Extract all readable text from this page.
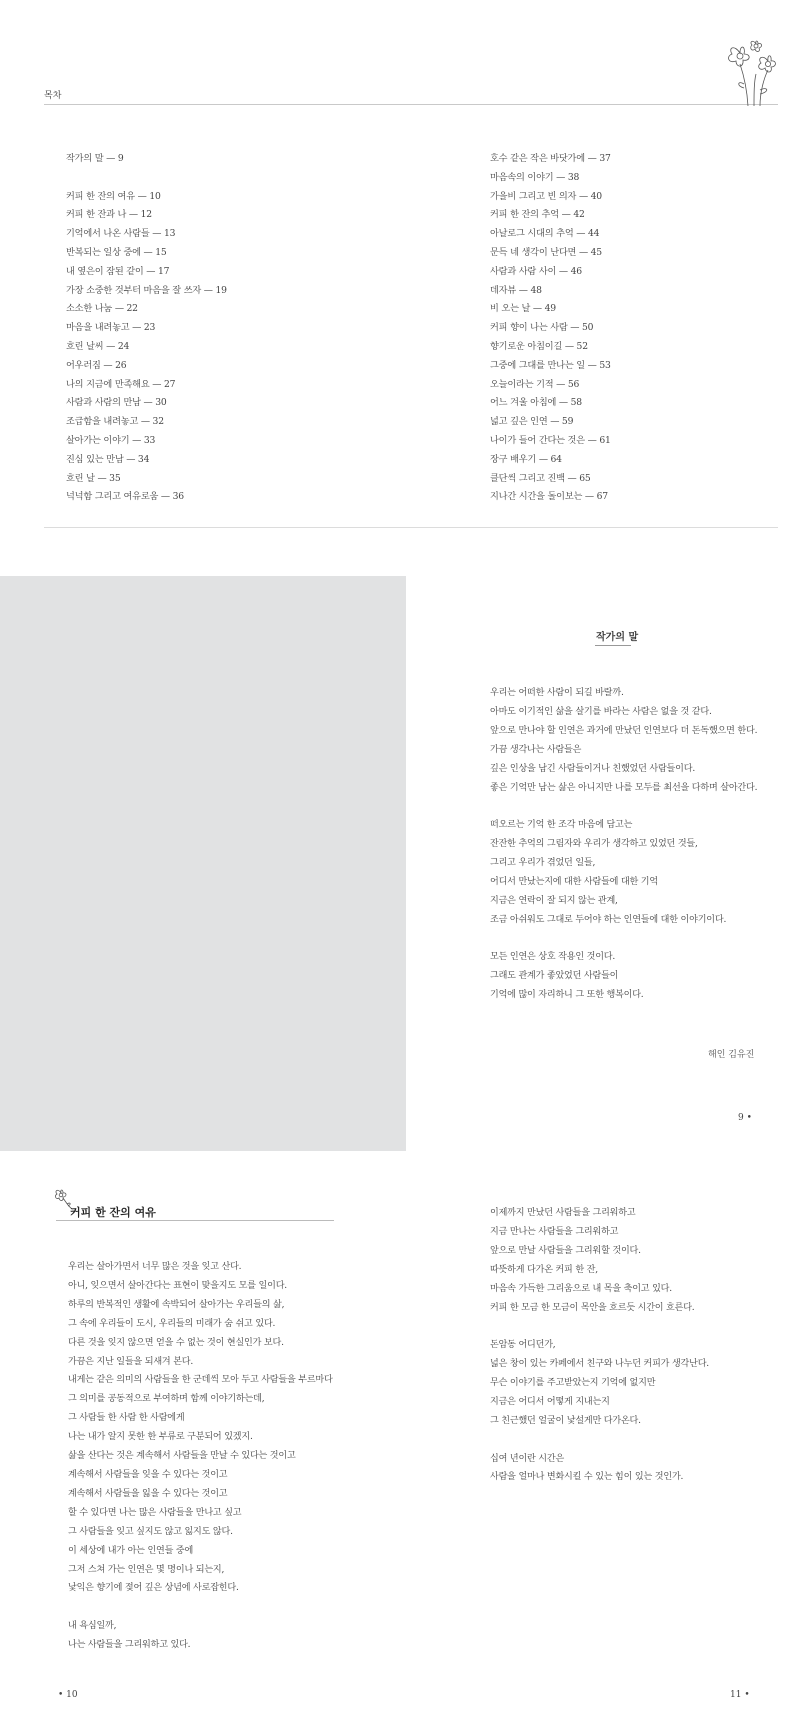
목차
작가의 말 — 9
커피 한 잔의 여유 — 10
커피 한 잔과 나 — 12
기억에서 나온 사람들 — 13
반복되는 일상 중에 — 15
내 옆은이 잠된 같이 — 17
가장 소중한 것부터 마음을 잘 쓰자 — 19
소소한 나눔 — 22
마음을 내려놓고 — 23
흐린 날씨 — 24
어우러짐 — 26
나의 지금에 만족해요 — 27
사람과 사람의 만남 — 30
조급함을 내려놓고 — 32
살아가는 이야기 — 33
진심 있는 만남 — 34
흐린 날 — 35
넉넉함 그리고 여유로움 — 36
호수 같은 작은 바닷가에 — 37
마음속의 이야기 — 38
가을비 그리고 빈 의자 — 40
커피 한 잔의 추억 — 42
아날로그 시대의 추억 — 44
문득 네 생각이 난다면 — 45
사람과 사람 사이 — 46
데자뷰 — 48
비 오는 날 — 49
커피 향이 나는 사람 — 50
향기로운 아침이길 — 52
그중에 그대를 만나는 일 — 53
오늘이라는 기적 — 56
어느 겨울 아침에 — 58
넓고 깊은 인연 — 59
나이가 들어 간다는 것은 — 61
장구 배우기 — 64
클단씩 그리고 진백 — 65
지나간 시간을 돌이보는 — 67
작가의 말
우리는 어떠한 사람이 되길 바랄까.
아마도 이기적인 삶을 살기를 바라는 사람은 없을 것 같다.
앞으로 만나야 할 인연은 과거에 만났던 인연보다 더 돈독했으면 한다.
가끔 생각나는 사람들은
깊은 인상을 남긴 사람들이거나 친했었던 사람들이다.
좋은 기억만 남는 삶은 아니지만 나를 모두를 최선을 다하며 살아간다.
떠오르는 기억 한 조각 마음에 담고는
잔잔한 추억의 그림자와 우리가 생각하고 있었던 것들,
그리고 우리가 겪었던 일들,
어디서 만났는지에 대한 사람들에 대한 기억
지금은 연락이 잘 되지 않는 관계,
조금 아쉬워도 그대로 두어야 하는 인연들에 대한 이야기이다.
모든 인연은 상호 작용인 것이다.
그래도 관계가 좋았었던 사람들이
기억에 많이 자리하니 그 또한 행복이다.
해인 김유진
9 •
커피 한 잔의 여유
우리는 살아가면서 너무 많은 것을 잊고 산다.
아니, 잊으면서 살아간다는 표현이 맞을지도 모를 일이다.
하루의 반복적인 생활에 속박되어 살아가는 우리들의 삶,
그 속에 우리들이 도시, 우리들의 미래가 숨 쉬고 있다.
다른 것을 잊지 않으면 얻을 수 없는 것이 현실인가 보다.
가끔은 지난 일들을 되새겨 본다.
내게는 같은 의미의 사람들을 한 군데씩 모아 두고 사람들을 부르마다
그 의미를 공동적으로 부여하며 함께 이야기하는데,
그 사람들 한 사람 한 사람에게
나는 내가 알지 못한 한 부류로 구분되어 있겠지.
삶을 산다는 것은 계속해서 사람들을 만날 수 있다는 것이고
계속해서 사람들을 잊을 수 있다는 것이고
계속해서 사람들을 잃을 수 있다는 것이고
할 수 있다면 나는 많은 사람들을 만나고 싶고
그 사람들을 잊고 싶지도 않고 잃지도 않다.
이 세상에 내가 아는 인연들 중에
그저 스쳐 가는 인연은 몇 명이나 되는지,
낯익은 향기에 젖어 깊은 상념에 사로잡힌다.
내 욕심일까,
나는 사람들을 그리워하고 있다.
이제까지 만났던 사람들을 그리워하고
지금 만나는 사람들을 그리워하고
앞으로 만날 사람들을 그리워할 것이다.
따뜻하게 다가온 커피 한 잔,
마음속 가득한 그리움으로 내 목을 축이고 있다.
커피 한 모금 한 모금이 목안을 흐르듯 시간이 흐른다.
돈암동 어디던가,
넓은 창이 있는 카페에서 친구와 나누던 커피가 생각난다.
무슨 이야기를 주고받았는지 기억에 없지만
지금은 어디서 어떻게 지내는지
그 친근했던 얼굴이 낯설게만 다가온다.
십여 년이란 시간은
사람을 얼마나 변화시킬 수 있는 힘이 있는 것인가.
• 10	11 •
